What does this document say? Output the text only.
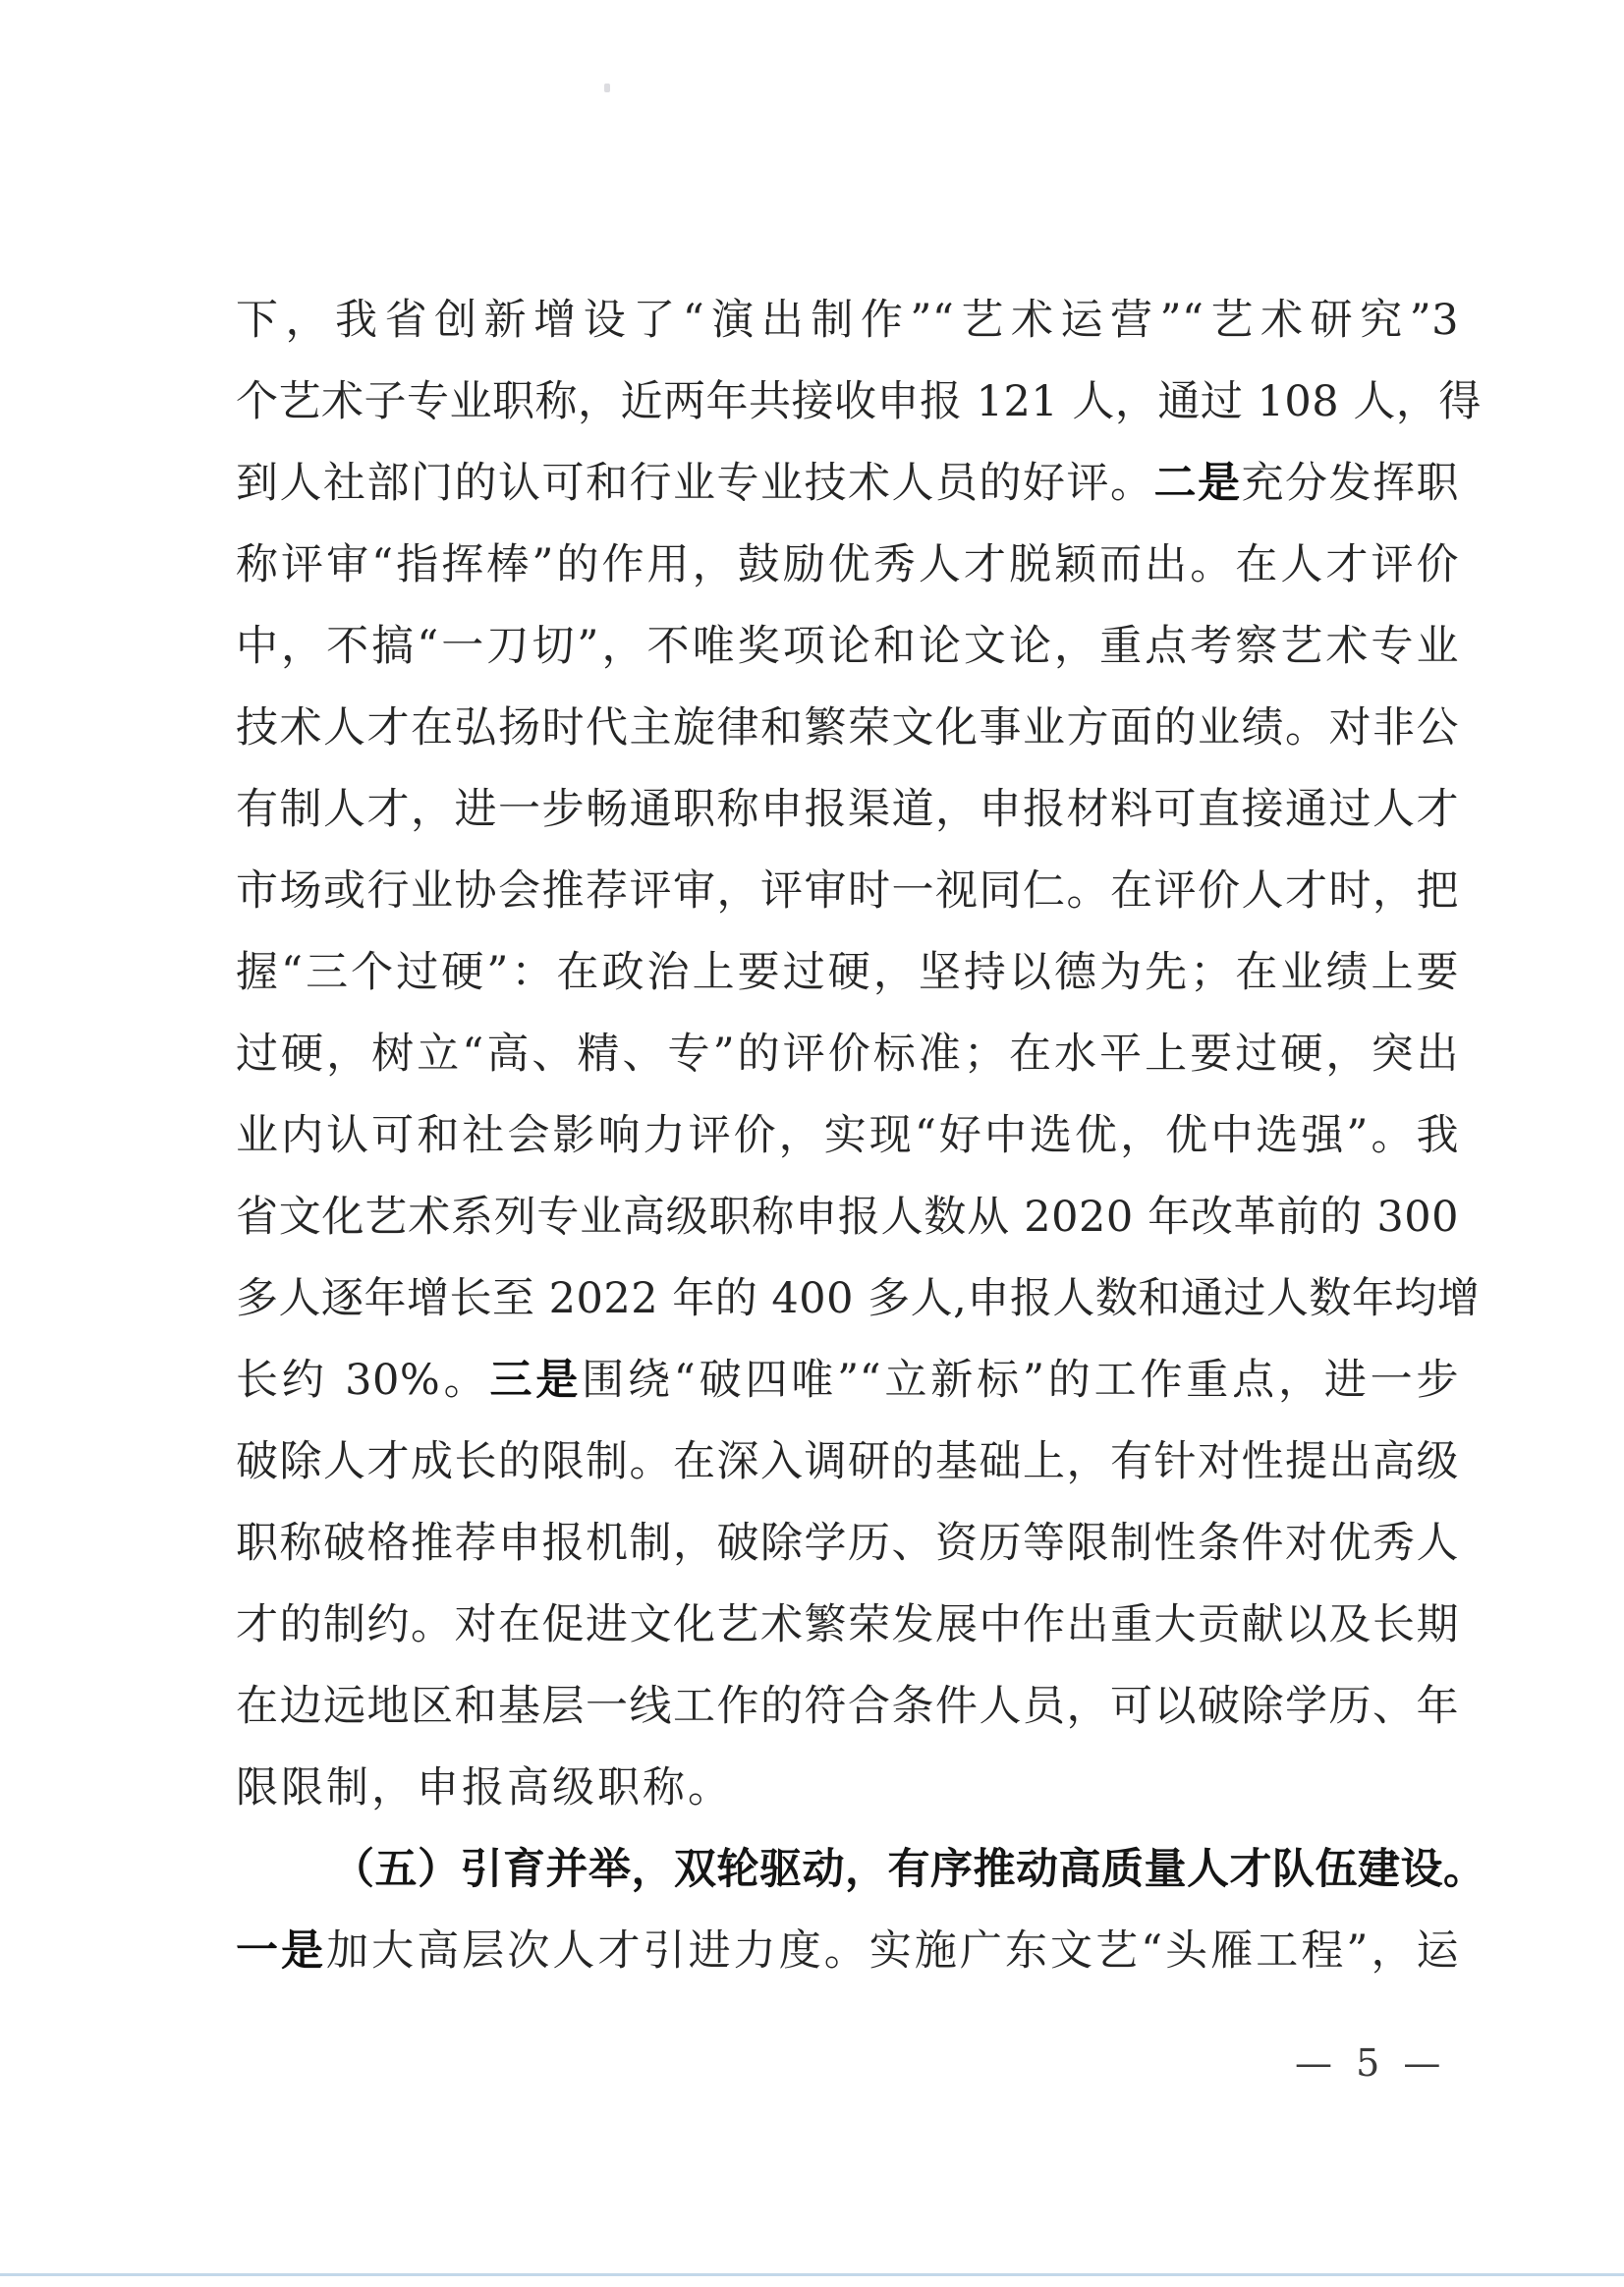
下，我省创新增设了“演出制作”“艺术运营”“艺术研究”3
个艺术子专业职称，近两年共接收申报 121 人，通过 108 人，得
到人社部门的认可和行业专业技术人员的好评。二是充分发挥职
称评审“指挥棒”的作用，鼓励优秀人才脱颖而出。在人才评价
中，不搞“一刀切”，不唯奖项论和论文论，重点考察艺术专业
技术人才在弘扬时代主旋律和繁荣文化事业方面的业绩。对非公
有制人才，进一步畅通职称申报渠道，申报材料可直接通过人才
市场或行业协会推荐评审，评审时一视同仁。在评价人才时，把
握“三个过硬”：在政治上要过硬，坚持以德为先；在业绩上要
过硬，树立“高、精、专”的评价标准；在水平上要过硬，突出
业内认可和社会影响力评价，实现“好中选优，优中选强”。我
省文化艺术系列专业高级职称申报人数从 2020 年改革前的 300
多人逐年增长至 2022 年的 400 多人,申报人数和通过人数年均增
长约 30%。三是围绕“破四唯”“立新标”的工作重点，进一步
破除人才成长的限制。在深入调研的基础上，有针对性提出高级
职称破格推荐申报机制，破除学历、资历等限制性条件对优秀人
才的制约。对在促进文化艺术繁荣发展中作出重大贡献以及长期
在边远地区和基层一线工作的符合条件人员，可以破除学历、年
限限制，申报高级职称。
（五）引育并举，双轮驱动，有序推动高质量人才队伍建设。
一是加大高层次人才引进力度。实施广东文艺“头雁工程”，运
— 5 —
